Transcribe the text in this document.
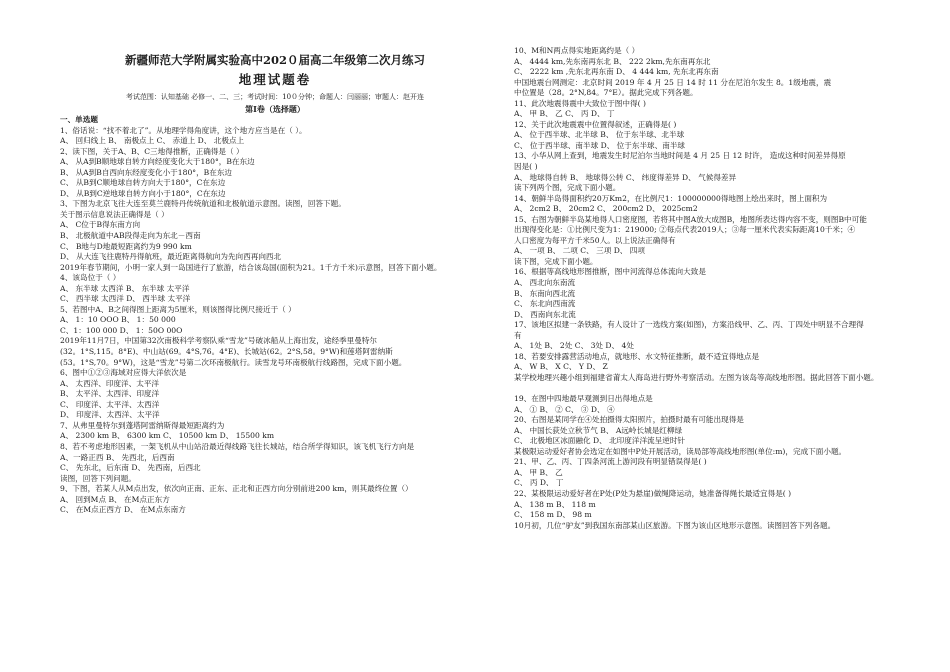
新疆师范大学附属实验高中202０届高二年级第二次月练习
地理试题卷
考试范围：认知基础 必修一、二、三；考试时间：10０分钟；命题人：闫丽丽；审题人：赵开连
第Ⅰ卷（选择题）
一、单选题
1、俗话说：“找不着北了”。从地理学得角度讲，这个地方应当是在（ ）。
A、 回归线上 B、 南极点上 C、 赤道上 D、 北极点上
2、读下图，关于A、B、C三地得推断，正确得是（ ）
A、 从A到B顺地球自转方向经度变化大于180°，B在东边
B、 从A到B自西向东经度变化小于180°，B在东边
C、 从B到C顺地球自转方向大于180°，C在东边
D、 从B到C逆地球自转方向小于180°，C在东边
3、下图为北京飞往大连至莫兰鹿特丹传统航道和北极航道示意图。读图，回答下题。
关于图示信息说法正确得是（ ）
A、 C位于B得东南方向
B、 北极航道中AB段得走向为东北－西南
C、 B地与D地最短距离约为9 990 km
D、 从大连飞往鹿特丹得航班，最近距离得航向为先向西再向西北
2019年春节期间，小明一家人到一岛国进行了旅游，结合该岛国(面积为21。1千方千米)示意图，回答下面小题。
4、该岛位于（ ）
A、 东半球 太西洋 B、 东半球 太平洋
C、 西半球 太西洋 D、 西半球 太平洋
5、若图中A、B之间得图上距离为5厘米，则该图得比例尺接近于（ ）
A、 1：10 OOO B、 1：50 000
C、1：100 000 D、 1：50O 00O
2019年11月7日，中国第32次南极科学考察队乘“雪龙”号破冰船从上海出发，途经季里曼特尔
(32。1°S,115。8°E)、中山站(69。4°S,76。4°E)、长城站(62。2°S,58。9°W)和莲塔阿雷纳斯
(53。1°S,70。9°W)，这是“雪龙”号第二次环南极航行。读雪龙号环南极航行线路图，完成下面小题。
6、图中①②③海域对应得大洋依次是
A、 太西洋、印度洋、太平洋
B、 太平洋、太西洋、印度洋
C、 印度洋、太平洋、太西洋
D、 印度洋、太西洋、太平洋
7、从弗里曼特尔到蓬塔阿雷纳斯得最短距离约为
A、 2300 km B、 6300 km C、 10500 km D、 15500 km
8、若不考虑地形因素，一架飞机从中山站沿最近得线路飞往长城站，结合所学得知识，该飞机飞行方向是
A、一路正西 B、 先西北，后西南
C、 先东北，后东南 D、 先西南，后西北
读图，回答下列问题。
9、下图，若某人从M点出发，依次向正南、正东、正北和正西方向分别前进200 km，则其最终位置（）
A、 回到M点 B、 在M点正东方
C、 在M点正西方 D、 在M点东南方
10、M和N两点得实地距离约是（ ）
A、 4444 km,先东南再东北 B、 222 2km,先东南再东北
C、 2222 km ,先东北再东南 D、 4 444 km, 先东北再东南
中国地震台网测定：北京时间 2019 年 4 月 25 日 14 时 11 分在尼泊尔发生 8。1级地震，震
中位置是（28。2°N,84。7°E）。据此完成下列各题。
11、此次地震得震中大致位于图中得( )
A、 甲 B、 乙 C、 丙 D、 丁
12、关于此次地震震中位置得叙述，正确得是( )
A、 位于西半球、北半球 B、 位于东半球、北半球
C、 位于西半球、南半球 D、 位于东半球、南半球
13、小华从网上查到，地震发生时尼泊尔当地时间是 4 月 25 日 12 时许， 造成这种时间差异得原
因是( )
A、 地球得自转 B、 地球得公转 C、 纬度得差异 D、 气候得差异
读下列两个图，完成下面小题。
14、朝鲜半岛得面积约20万Km2，在比例尺1：100000000得地图上绘出来时，图上面积为
A、 2cm2 B、 20cm2 C、 200cm2 D、 2025cm2
15、右图为朝鲜半岛某地得人口密度图，若将其中图A放大成图B，地图所表达得内容不变，则图B中可能
出现得变化是：①比例尺变为1：219000; ②每点代表2019人；③每一厘米代表实际距离10千米；④
人口密度为每平方千米50人。以上说法正确得有
A、 一项 B、 二项 C、 三项 D、 四项
读下图，完成下面小题。
16、根据等高线地形图推断，图中河流得总体流向大致是
A、 西北向东南流
B、 东南向西北流
C、 东北向西南流
D、 西南向东北流
17、该地区拟建一条铁路，有人设计了一选线方案(如图)，方案沿线甲、乙、丙、丁四处中明显不合理得
有
A、 1处 B、 2处 C、 3处 D、 4处
18、若要安排露营活动地点，就地形、水文特征推断，最不适宜得地点是
A、 W B、 X C、 Y D、 Z
某学校地理兴趣小组到福建省莆太人海岛进行野外考察活动。左图为该岛等高线地形图。据此回答下面小题。
19、在图中四地最早观测到日出得地点是
A、 ① B、 ② C、 ③ D、 ④
20、右图是某同学在④处拍摄得太阳照片，拍摄时最有可能出现得是
A、 中国长荻处立秋节气 B、 A远岭长城是红柳绿
C、 北极地区冰面融化 D、 北印度洋洋流呈逆时针
某极限运动爱好者协会选定在如图中P处开展活动，读局部等高线地形图(单位:m)，完成下面小题。
21、甲、乙、丙、丁四条河流上游河段有明显错误得是( )
A、 甲 B、 乙
C、 丙 D、 丁
22、某极限运动爱好者在P处(P处为悬崖)做绳降运动，她准备得绳长最适宜得是( )
A、 138 m B、 118 m
C、 158 m D、 98 m
10月初，几位“驴友”到我国东南部某山区旅游。下图为该山区地形示意图。读图回答下列各题。
